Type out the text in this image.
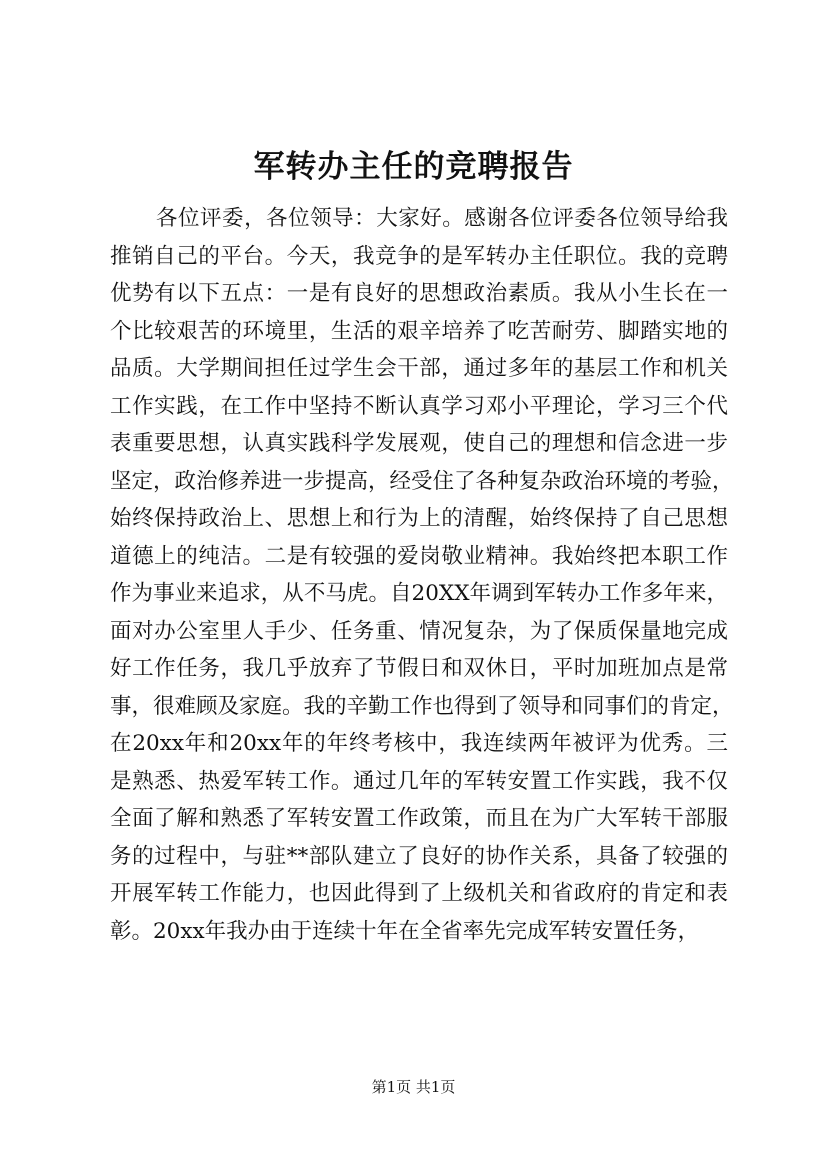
军转办主任的竞聘报告
各位评委，各位领导：大家好。感谢各位评委各位领导给我
推销自己的平台。今天，我竞争的是军转办主任职位。我的竞聘
优势有以下五点：一是有良好的思想政治素质。我从小生长在一
个比较艰苦的环境里，生活的艰辛培养了吃苦耐劳、脚踏实地的
品质。大学期间担任过学生会干部，通过多年的基层工作和机关
工作实践，在工作中坚持不断认真学习邓小平理论，学习三个代
表重要思想，认真实践科学发展观，使自己的理想和信念进一步
坚定，政治修养进一步提高，经受住了各种复杂政治环境的考验，
始终保持政治上、思想上和行为上的清醒，始终保持了自己思想
道德上的纯洁。二是有较强的爱岗敬业精神。我始终把本职工作
作为事业来追求，从不马虎。自20XX年调到军转办工作多年来，
面对办公室里人手少、任务重、情况复杂，为了保质保量地完成
好工作任务，我几乎放弃了节假日和双休日，平时加班加点是常
事，很难顾及家庭。我的辛勤工作也得到了领导和同事们的肯定，
在20xx年和20xx年的年终考核中，我连续两年被评为优秀。三
是熟悉、热爱军转工作。通过几年的军转安置工作实践，我不仅
全面了解和熟悉了军转安置工作政策，而且在为广大军转干部服
务的过程中，与驻**部队建立了良好的协作关系，具备了较强的
开展军转工作能力，也因此得到了上级机关和省政府的肯定和表
彰。20xx年我办由于连续十年在全省率先完成军转安置任务，
第1页 共1页
